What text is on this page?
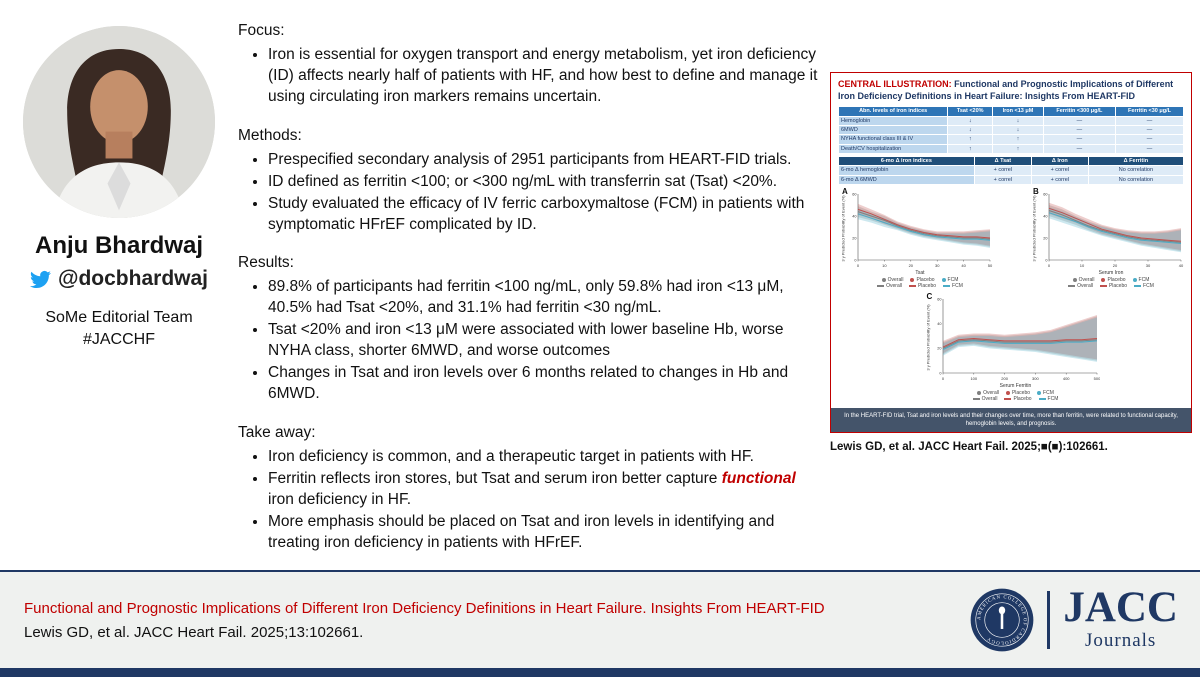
Anju Bhardwaj
@docbhardwaj
SoMe Editorial Team
#JACCHF
Focus:
• Iron is essential for oxygen transport and energy metabolism, yet iron deficiency (ID) affects nearly half of patients with HF, and how best to define and manage it using circulating iron markers remains uncertain.
Methods:
• Prespecified secondary analysis of 2951 participants from HEART-FID trials.
• ID defined as ferritin <100; or <300 ng/mL with transferrin sat (Tsat) <20%.
• Study evaluated the efficacy of IV ferric carboxymaltose (FCM) in patients with symptomatic HFrEF complicated by ID.
Results:
• 89.8% of participants had ferritin <100 ng/mL, only 59.8% had iron <13 μM, 40.5% had Tsat <20%, and 31.1% had ferritin <30 ng/mL.
• Tsat <20% and iron <13 μM were associated with lower baseline Hb, worse NYHA class, shorter 6MWD, and worse outcomes
• Changes in Tsat and iron levels over 6 months related to changes in Hb and 6MWD.
Take away:
• Iron deficiency is common, and a therapeutic target in patients with HF.
• Ferritin reflects iron stores, but Tsat and serum iron better capture functional iron deficiency in HF.
• More emphasis should be placed on Tsat and iron levels in identifying and treating iron deficiency in patients with HFrEF.
CENTRAL ILLUSTRATION: Functional and Prognostic Implications of Different Iron Deficiency Definitions in Heart Failure: Insights From HEART-FID
Abn. levels of iron indices	Tsat <20%	Iron <13 μM	Ferritin <300 μg/L	Ferritin <30 μg/L
Hemoglobin	↓	↓	—	—
6MWD	↓	↓	—	—
NYHA functional class III & IV	↑	↑	—	—
Death/CV hospitalization	↑	↑	—	—
6-mo Δ iron indices	Δ Tsat	Δ Iron	Δ Ferritin
6-mo Δ hemoglobin	+ correl	+ correl	No correlation
6-mo Δ 6MWD	+ correl	+ correl	No correlation
A
3 y Predicted Probability of Event (%)
0	10	20	30	40	50
0
20
40
60
Tsat
Overall	Placebo	FCM
Overall	Placebo	FCM
B
3 y Predicted Probability of Event (%)
0	10	20	30	40
0
20
40
60
Serum Iron
Overall	Placebo	FCM
Overall	Placebo	FCM
C
3 y Predicted Probability of Event (%)
0	100	200	300	400	500
0
20
40
60
Serum Ferritin
Overall	Placebo	FCM
Overall	Placebo	FCM
In the HEART-FID trial, Tsat and iron levels and their changes over time, more than ferritin, were related to functional capacity, hemoglobin levels, and prognosis.
Lewis GD, et al. JACC Heart Fail. 2025;■(■):102661.
Functional and Prognostic Implications of Different Iron Deficiency Definitions in Heart Failure. Insights From HEART-FID
Lewis GD, et al. JACC Heart Fail. 2025;13:102661.
AMERICAN COLLEGE OF CARDIOLOGY
JACC
Journals
